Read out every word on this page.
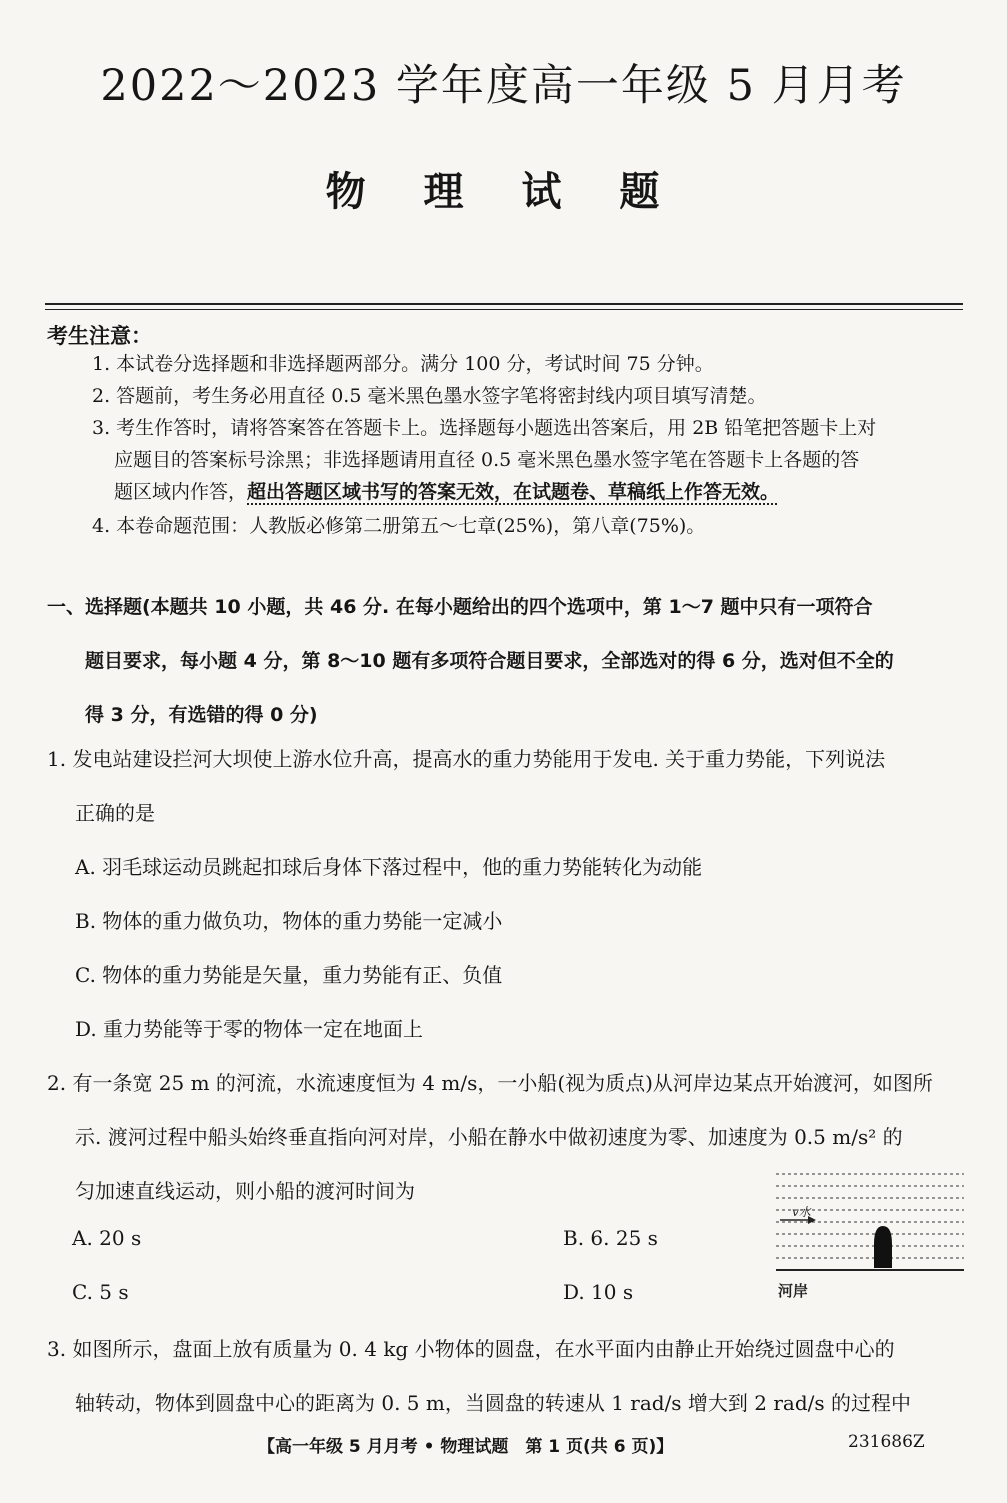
2022～2023 学年度高一年级 5 月月考
物 理 试 题
考生注意：
1. 本试卷分选择题和非选择题两部分。满分 100 分，考试时间 75 分钟。
2. 答题前，考生务必用直径 0.5 毫米黑色墨水签字笔将密封线内项目填写清楚。
3. 考生作答时，请将答案答在答题卡上。选择题每小题选出答案后，用 2B 铅笔把答题卡上对
应题目的答案标号涂黑；非选择题请用直径 0.5 毫米黑色墨水签字笔在答题卡上各题的答
题区域内作答，超出答题区域书写的答案无效，在试题卷、草稿纸上作答无效。
4. 本卷命题范围：人教版必修第二册第五～七章(25%)，第八章(75%)。
一、选择题(本题共 10 小题，共 46 分. 在每小题给出的四个选项中，第 1～7 题中只有一项符合
题目要求，每小题 4 分，第 8～10 题有多项符合题目要求，全部选对的得 6 分，选对但不全的
得 3 分，有选错的得 0 分)
1. 发电站建设拦河大坝使上游水位升高，提高水的重力势能用于发电. 关于重力势能，下列说法
正确的是
A. 羽毛球运动员跳起扣球后身体下落过程中，他的重力势能转化为动能
B. 物体的重力做负功，物体的重力势能一定减小
C. 物体的重力势能是矢量，重力势能有正、负值
D. 重力势能等于零的物体一定在地面上
2. 有一条宽 25 m 的河流，水流速度恒为 4 m/s，一小船(视为质点)从河岸边某点开始渡河，如图所
示. 渡河过程中船头始终垂直指向河对岸，小船在静水中做初速度为零、加速度为 0.5 m/s² 的
匀加速直线运动，则小船的渡河时间为
A. 20 s	B. 6. 25 s
C. 5 s	D. 10 s
v水
河岸
3. 如图所示，盘面上放有质量为 0. 4 kg 小物体的圆盘，在水平面内由静止开始绕过圆盘中心的
轴转动，物体到圆盘中心的距离为 0. 5 m，当圆盘的转速从 1 rad/s 增大到 2 rad/s 的过程中
【高一年级 5 月月考 • 物理试题　第 1 页(共 6 页)】	231686Z
